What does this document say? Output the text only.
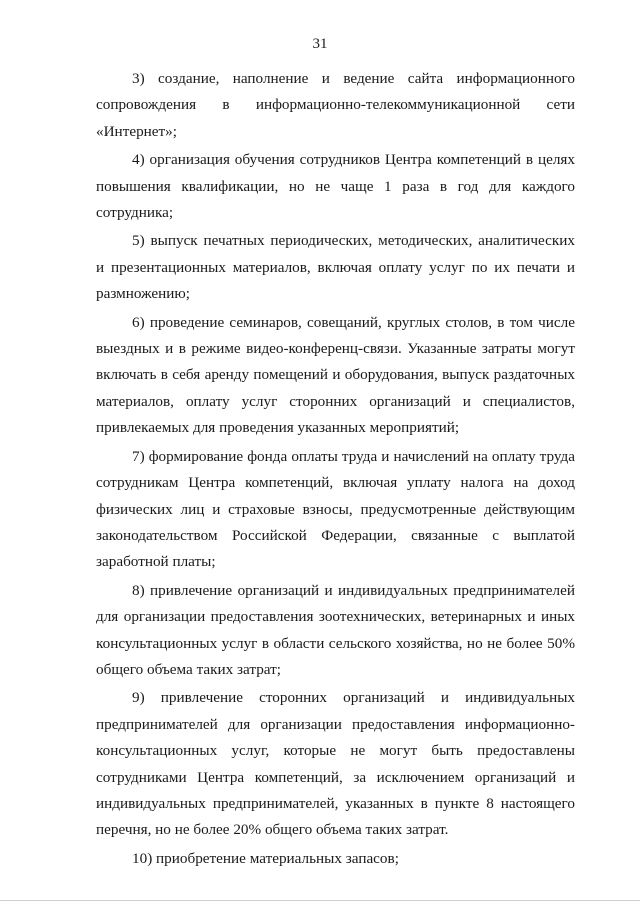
31

3) создание, наполнение и ведение сайта информационного сопровождения в информационно-телекоммуникационной сети «Интернет»;

4) организация обучения сотрудников Центра компетенций в целях повышения квалификации, но не чаще 1 раза в год для каждого сотрудника;

5) выпуск печатных периодических, методических, аналитических и презентационных материалов, включая оплату услуг по их печати и размножению;

6) проведение семинаров, совещаний, круглых столов, в том числе выездных и в режиме видео-конференц-связи. Указанные затраты могут включать в себя аренду помещений и оборудования, выпуск раздаточных материалов, оплату услуг сторонних организаций и специалистов, привлекаемых для проведения указанных мероприятий;

7) формирование фонда оплаты труда и начислений на оплату труда сотрудникам Центра компетенций, включая уплату налога на доход физических лиц и страховые взносы, предусмотренные действующим законодательством Российской Федерации, связанные с выплатой заработной платы;

8) привлечение организаций и индивидуальных предпринимателей для организации предоставления зоотехнических, ветеринарных и иных консультационных услуг в области сельского хозяйства, но не более 50% общего объема таких затрат;

9) привлечение сторонних организаций и индивидуальных предпринимателей для организации предоставления информационно-консультационных услуг, которые не могут быть предоставлены сотрудниками Центра компетенций, за исключением организаций и индивидуальных предпринимателей, указанных в пункте 8 настоящего перечня, но не более 20% общего объема таких затрат.

10) приобретение материальных запасов;
